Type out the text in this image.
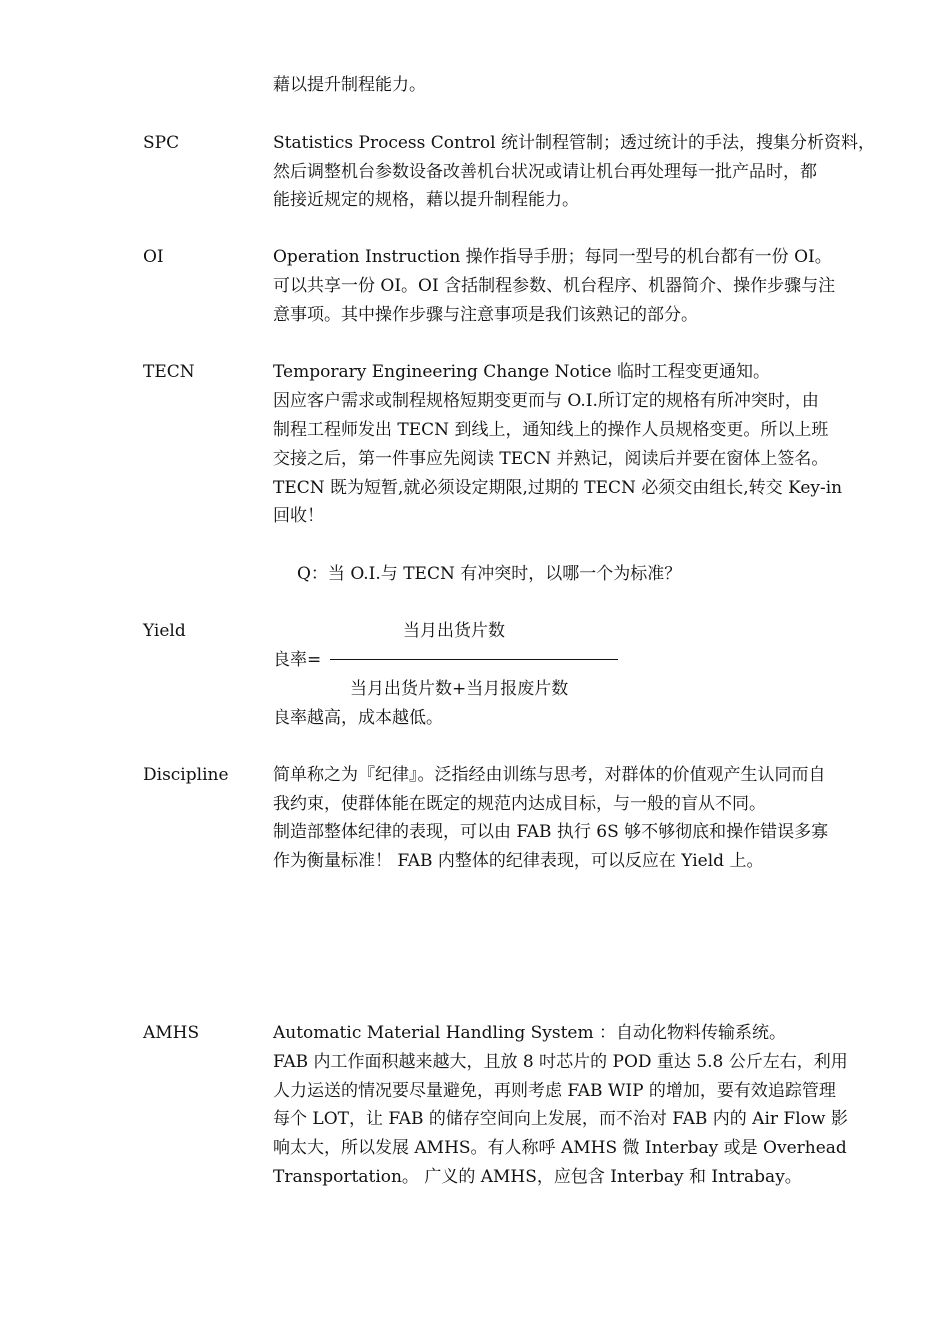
藉以提升制程能力。
SPC	Statistics Process Control 统计制程管制；透过统计的手法，搜集分析资料，
然后调整机台参数设备改善机台状况或请让机台再处理每一批产品时，都
能接近规定的规格，藉以提升制程能力。
OI	Operation Instruction 操作指导手册；每同一型号的机台都有一份 OI。
可以共享一份 OI。OI 含括制程参数、机台程序、机器简介、操作步骤与注
意事项。其中操作步骤与注意事项是我们该熟记的部分。
TECN	Temporary Engineering Change Notice 临时工程变更通知。
因应客户需求或制程规格短期变更而与 O.I.所订定的规格有所冲突时，由
制程工程师发出 TECN 到线上，通知线上的操作人员规格变更。所以上班
交接之后，第一件事应先阅读 TECN 并熟记，阅读后并要在窗体上签名。
TECN 既为短暂,就必须设定期限,过期的 TECN 必须交由组长,转交 Key-in
回收！
Q：当 O.I.与 TECN 有冲突时，以哪一个为标准？
Yield	当月出货片数
良率=
当月出货片数+当月报废片数
良率越高，成本越低。
Discipline	简单称之为『纪律』。泛指经由训练与思考，对群体的价值观产生认同而自
我约束，使群体能在既定的规范内达成目标，与一般的盲从不同。
制造部整体纪律的表现，可以由 FAB 执行 6S 够不够彻底和操作错误多寡
作为衡量标准！ FAB 内整体的纪律表现，可以反应在 Yield 上。
AMHS	Automatic Material Handling System ：自动化物料传输系统。
FAB 内工作面积越来越大，且放 8 吋芯片的 POD 重达 5.8 公斤左右，利用
人力运送的情况要尽量避免，再则考虑 FAB WIP 的增加，要有效追踪管理
每个 LOT，让 FAB 的储存空间向上发展，而不治对 FAB 内的 Air Flow 影
响太大，所以发展 AMHS。有人称呼 AMHS 微 Interbay 或是 Overhead
Transportation。 广义的 AMHS，应包含 Interbay 和 Intrabay。
